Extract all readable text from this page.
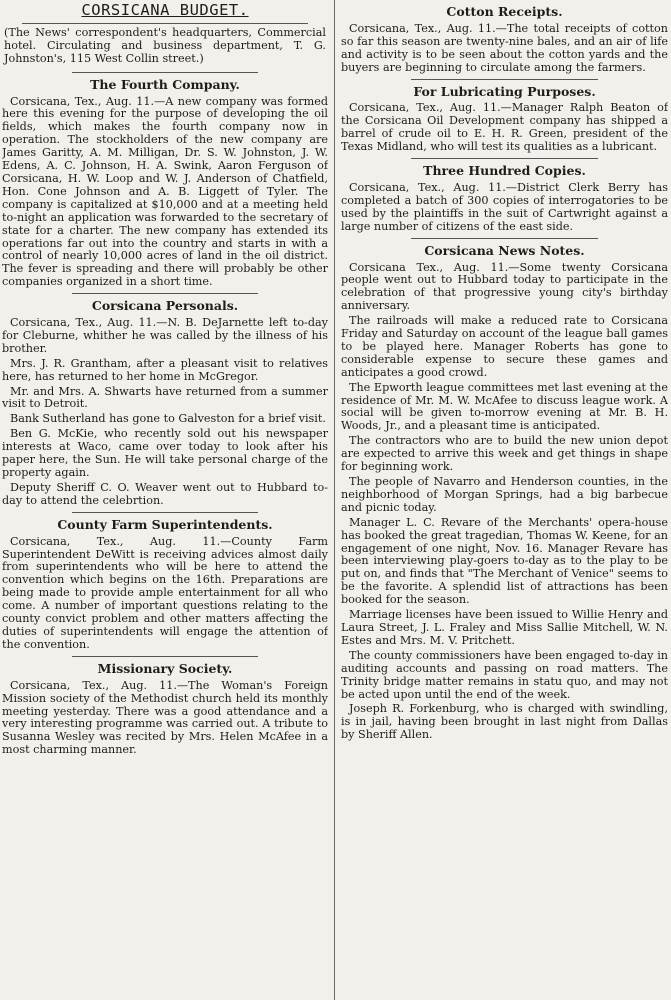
CORSICANA BUDGET.
(The News' correspondent's headquarters, Commercial hotel. Circulating and business department, T. G. Johnston's, 115 West Collin street.)
The Fourth Company.

Corsicana, Tex., Aug. 11.—A new company was formed here this evening for the purpose of developing the oil fields, which makes the fourth company now in operation. The stockholders of the new company are James Garitty, A. M. Milligan, Dr. S. W. Johnston, J. W. Edens, A. C. Johnson, H. A. Swink, Aaron Ferguson of Corsicana, H. W. Loop and W. J. Anderson of Chatfield, Hon. Cone Johnson and A. B. Liggett of Tyler. The company is capitalized at $10,000 and at a meeting held to-night an application was forwarded to the secretary of state for a charter. The new company has extended its operations far out into the country and starts in with a control of nearly 10,000 acres of land in the oil district. The fever is spreading and there will probably be other companies organized in a short time.

Corsicana Personals.

Corsicana, Tex., Aug. 11.—N. B. DeJarnette left to-day for Cleburne, whither he was called by the illness of his brother.

Mrs. J. R. Grantham, after a pleasant visit to relatives here, has returned to her home in McGregor.

Mr. and Mrs. A. Shwarts have returned from a summer visit to Detroit.

Bank Sutherland has gone to Galveston for a brief visit.

Ben G. McKie, who recently sold out his newspaper interests at Waco, came over today to look after his paper here, the Sun. He will take personal charge of the property again.

Deputy Sheriff C. O. Weaver went out to Hubbard to-day to attend the celebrtion.

County Farm Superintendents.

Corsicana, Tex., Aug. 11.—County Farm Superintendent DeWitt is receiving advices almost daily from superintendents who will be here to attend the convention which begins on the 16th. Preparations are being made to provide ample entertainment for all who come. A number of important questions relating to the county convict problem and other matters affecting the duties of superintendents will engage the attention of the convention.

Missionary Society.

Corsicana, Tex., Aug. 11.—The Woman's Foreign Mission society of the Methodist church held its monthly meeting yesterday. There was a good attendance and a very interesting programme was carried out. A tribute to Susanna Wesley was recited by Mrs. Helen McAfee in a most charming manner.

Cotton Receipts.

Corsicana, Tex., Aug. 11.—The total receipts of cotton so far this season are twenty-nine bales, and an air of life and activity is to be seen about the cotton yards and the buyers are beginning to circulate among the farmers.

For Lubricating Purposes.

Corsicana, Tex., Aug. 11.—Manager Ralph Beaton of the Corsicana Oil Development company has shipped a barrel of crude oil to E. H. R. Green, president of the Texas Midland, who will test its qualities as a lubricant.

Three Hundred Copies.

Corsicana, Tex., Aug. 11.—District Clerk Berry has completed a batch of 300 copies of interrogatories to be used by the plaintiffs in the suit of Cartwright against a large number of citizens of the east side.

Corsicana News Notes.

Corsicana Tex., Aug. 11.—Some twenty Corsicana people went out to Hubbard today to participate in the celebration of that progressive young city's birthday anniversary.

The railroads will make a reduced rate to Corsicana Friday and Saturday on account of the league ball games to be played here. Manager Roberts has gone to considerable expense to secure these games and anticipates a good crowd.

The Epworth league committees met last evening at the residence of Mr. M. W. McAfee to discuss league work. A social will be given to-morrow evening at Mr. B. H. Woods, Jr., and a pleasant time is anticipated.

The contractors who are to build the new union depot are expected to arrive this week and get things in shape for beginning work.

The people of Navarro and Henderson counties, in the neighborhood of Morgan Springs, had a big barbecue and picnic today.

Manager L. C. Revare of the Merchants' opera-house has booked the great tragedian, Thomas W. Keene, for an engagement of one night, Nov. 16. Manager Revare has been interviewing play-goers to-day as to the play to be put on, and finds that "The Merchant of Venice" seems to be the favorite. A splendid list of attractions has been booked for the season.

Marriage licenses have been issued to Willie Henry and Laura Street, J. L. Fraley and Miss Sallie Mitchell, W. N. Estes and Mrs. M. V. Pritchett.

The county commissioners have been engaged to-day in auditing accounts and passing on road matters. The Trinity bridge matter remains in statu quo, and may not be acted upon until the end of the week.

Joseph R. Forkenburg, who is charged with swindling, is in jail, having been brought in last night from Dallas by Sheriff Allen.
